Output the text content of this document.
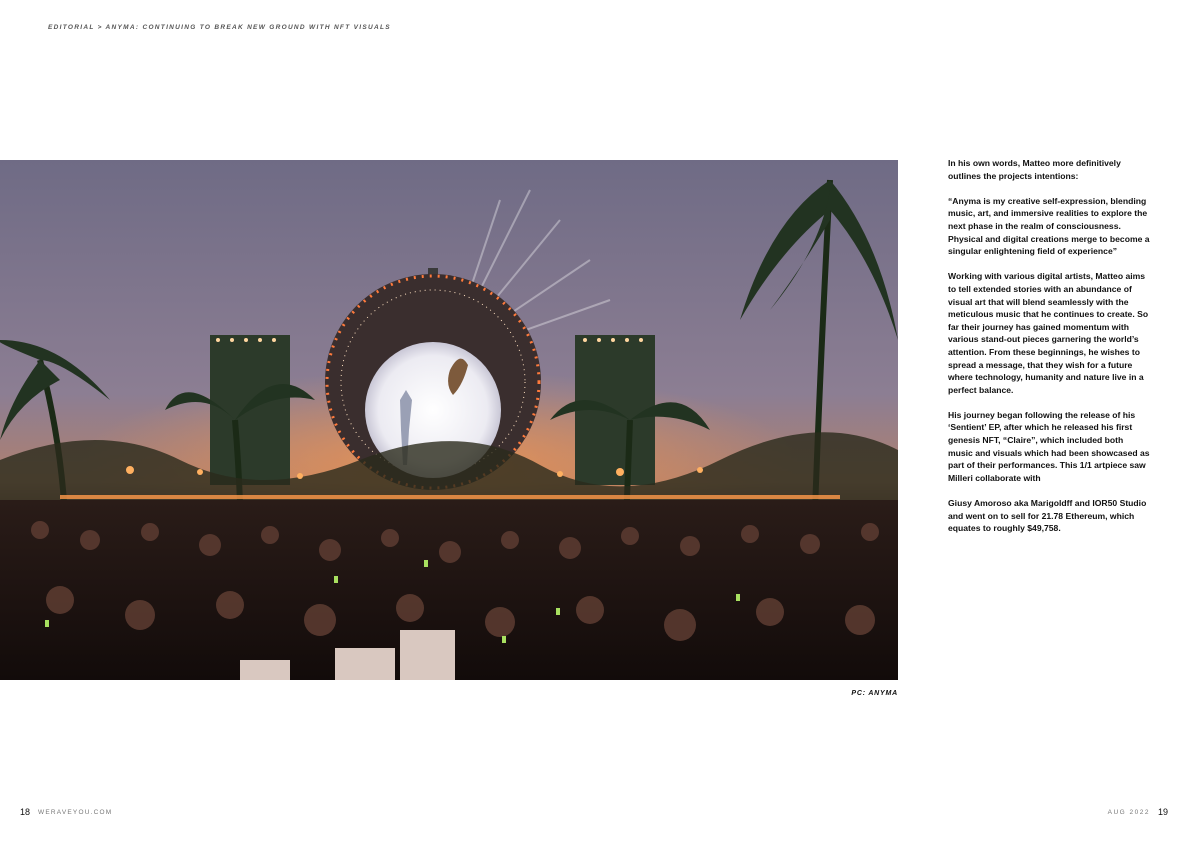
EDITORIAL > ANYMA: CONTINUING TO BREAK NEW GROUND WITH NFT VISUALS
PC: ANYMA

In his own words, Matteo more definitively outlines the projects intentions:

“Anyma is my creative self-expression, blending music, art, and immersive realities to explore the next phase in the realm of consciousness. Physical and digital creations merge to become a singular enlightening field of experience”

Working with various digital artists, Matteo aims to tell extended stories with an abundance of visual art that will blend seamlessly with the meticulous music that he continues to create. So far their journey has gained momentum with various stand-out pieces garnering the world’s attention. From these beginnings, he wishes to spread a message, that they wish for a future where technology, humanity and nature live in a perfect balance.

His journey began following the release of his ‘Sentient’ EP, after which he released his first genesis NFT, “Claire”, which included both music and visuals which had been showcased as part of their performances. This 1/1 artpiece saw Milleri collaborate with

Giusy Amoroso aka Marigoldff and IOR50 Studio and went on to sell for 21.78 Ethereum, which equates to roughly $49,758.

18 WERAVEYOU.COM	AUG 2022 19
